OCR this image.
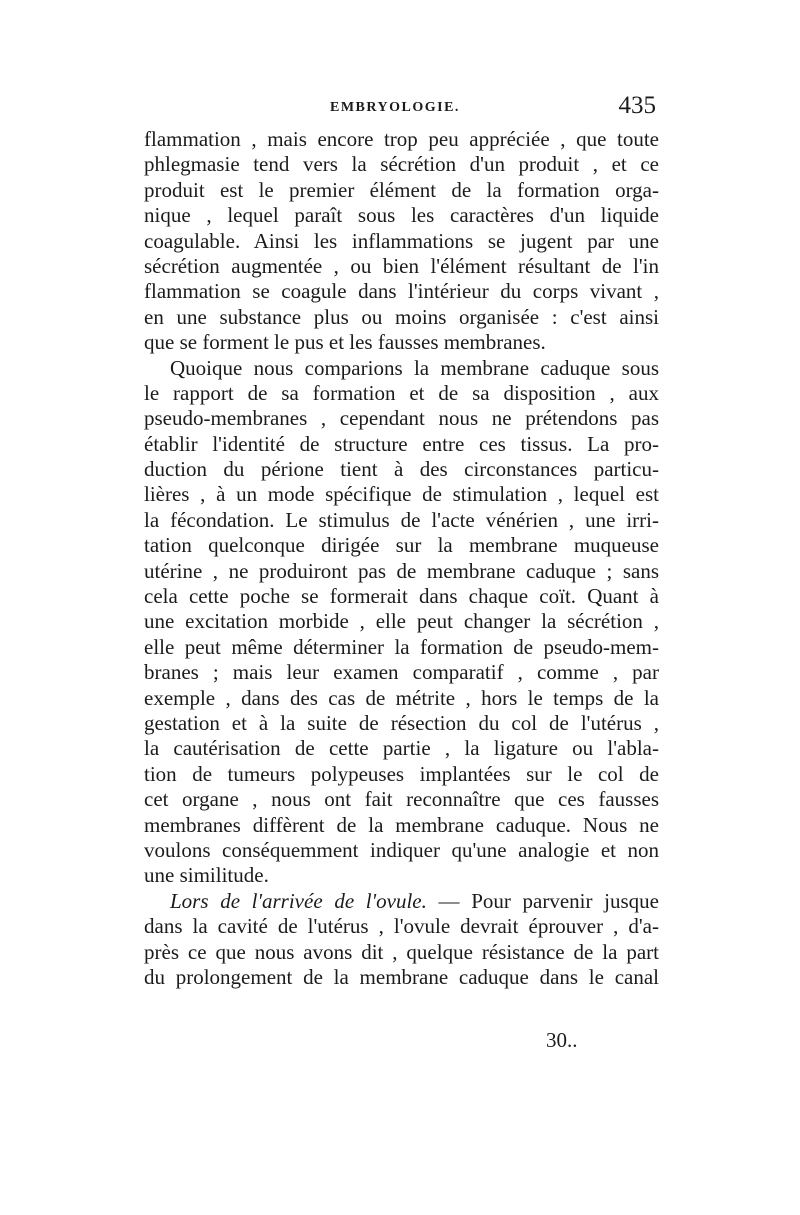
EMBRYOLOGIE.	435
flammation , mais encore trop peu appréciée , que toute
phlegmasie tend vers la sécrétion d'un produit , et ce
produit est le premier élément de la formation orga-
nique , lequel paraît sous les caractères d'un liquide
coagulable. Ainsi les inflammations se jugent par une
sécrétion augmentée , ou bien l'élément résultant de l'in
flammation se coagule dans l'intérieur du corps vivant ,
en une substance plus ou moins organisée : c'est ainsi
que se forment le pus et les fausses membranes.
Quoique nous comparions la membrane caduque sous
le rapport de sa formation et de sa disposition , aux
pseudo-membranes , cependant nous ne prétendons pas
établir l'identité de structure entre ces tissus. La pro-
duction du périone tient à des circonstances particu-
lières , à un mode spécifique de stimulation , lequel est
la fécondation. Le stimulus de l'acte vénérien , une irri-
tation quelconque dirigée sur la membrane muqueuse
utérine , ne produiront pas de membrane caduque ; sans
cela cette poche se formerait dans chaque coït. Quant à
une excitation morbide , elle peut changer la sécrétion ,
elle peut même déterminer la formation de pseudo-mem-
branes ; mais leur examen comparatif , comme , par
exemple , dans des cas de métrite , hors le temps de la
gestation et à la suite de résection du col de l'utérus ,
la cautérisation de cette partie , la ligature ou l'abla-
tion de tumeurs polypeuses implantées sur le col de
cet organe , nous ont fait reconnaître que ces fausses
membranes diffèrent de la membrane caduque. Nous ne
voulons conséquemment indiquer qu'une analogie et non
une similitude.
Lors de l'arrivée de l'ovule. — Pour parvenir jusque
dans la cavité de l'utérus , l'ovule devrait éprouver , d'a-
près ce que nous avons dit , quelque résistance de la part
du prolongement de la membrane caduque dans le canal
30..
